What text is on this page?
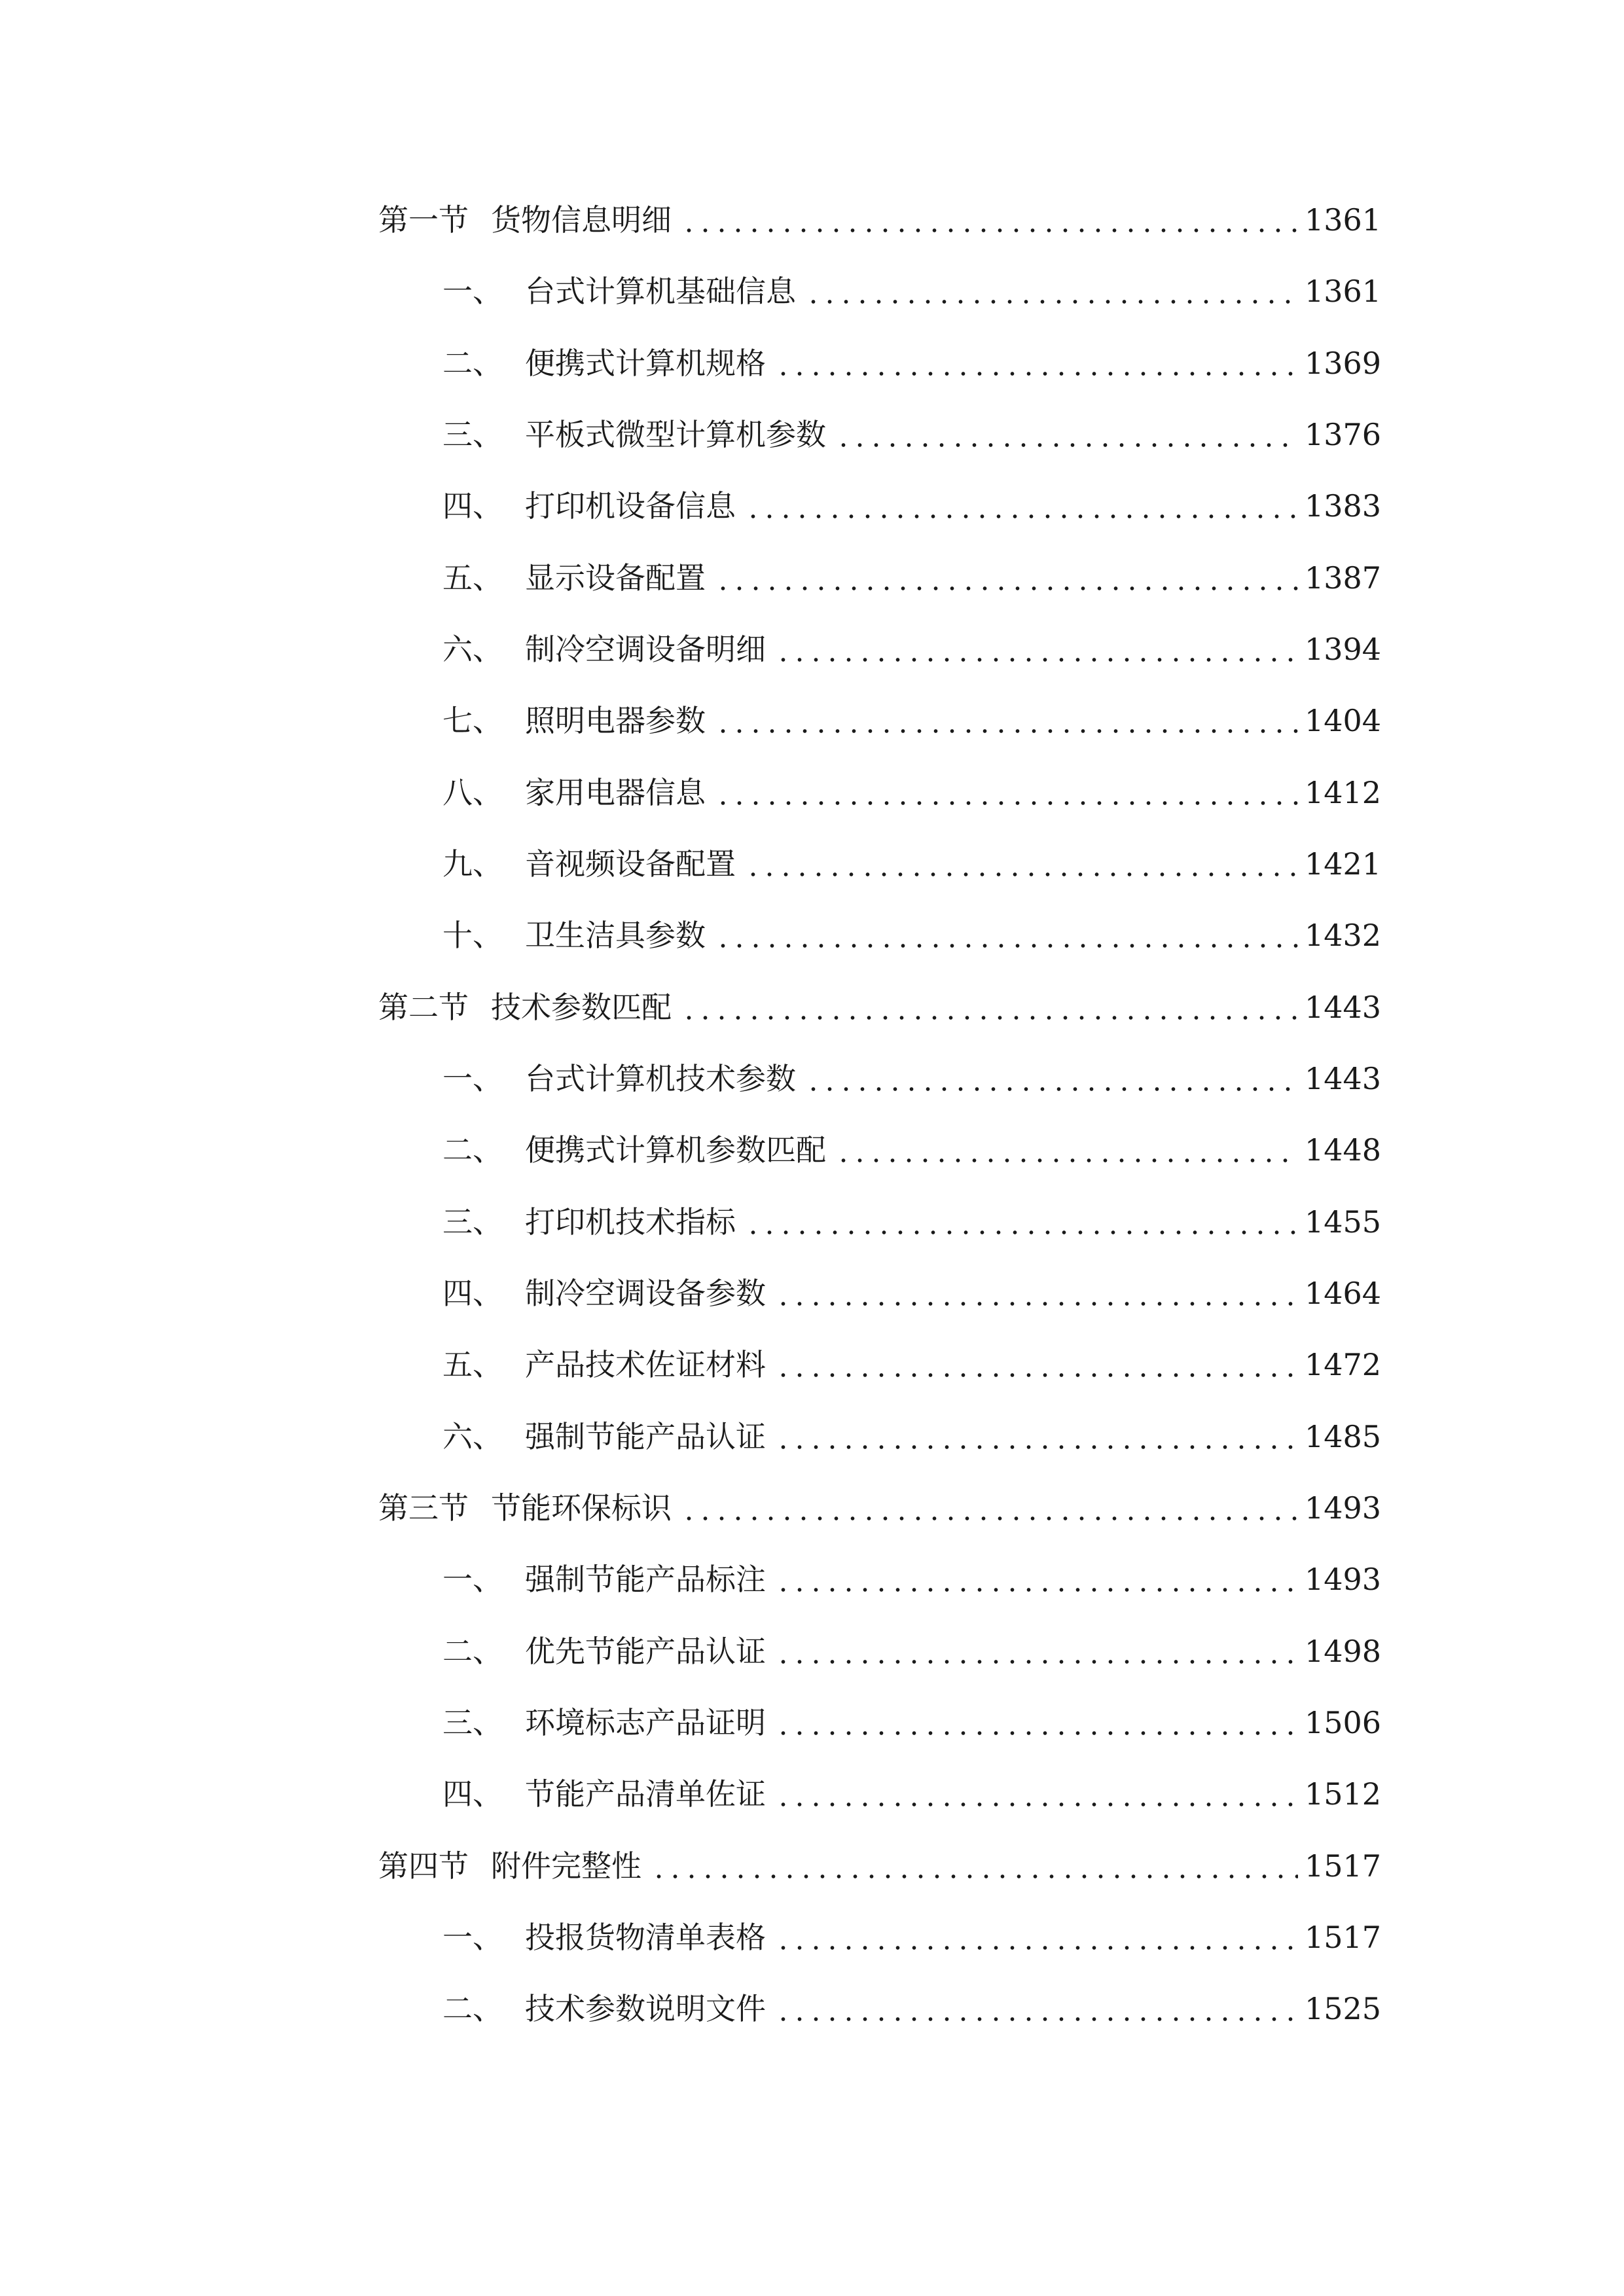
第一节 货物信息明细	1361
一、 台式计算机基础信息	1361
二、 便携式计算机规格	1369
三、 平板式微型计算机参数	1376
四、 打印机设备信息	1383
五、 显示设备配置	1387
六、 制冷空调设备明细	1394
七、 照明电器参数	1404
八、 家用电器信息	1412
九、 音视频设备配置	1421
十、 卫生洁具参数	1432
第二节 技术参数匹配	1443
一、 台式计算机技术参数	1443
二、 便携式计算机参数匹配	1448
三、 打印机技术指标	1455
四、 制冷空调设备参数	1464
五、 产品技术佐证材料	1472
六、 强制节能产品认证	1485
第三节 节能环保标识	1493
一、 强制节能产品标注	1493
二、 优先节能产品认证	1498
三、 环境标志产品证明	1506
四、 节能产品清单佐证	1512
第四节 附件完整性	1517
一、 投报货物清单表格	1517
二、 技术参数说明文件	1525
